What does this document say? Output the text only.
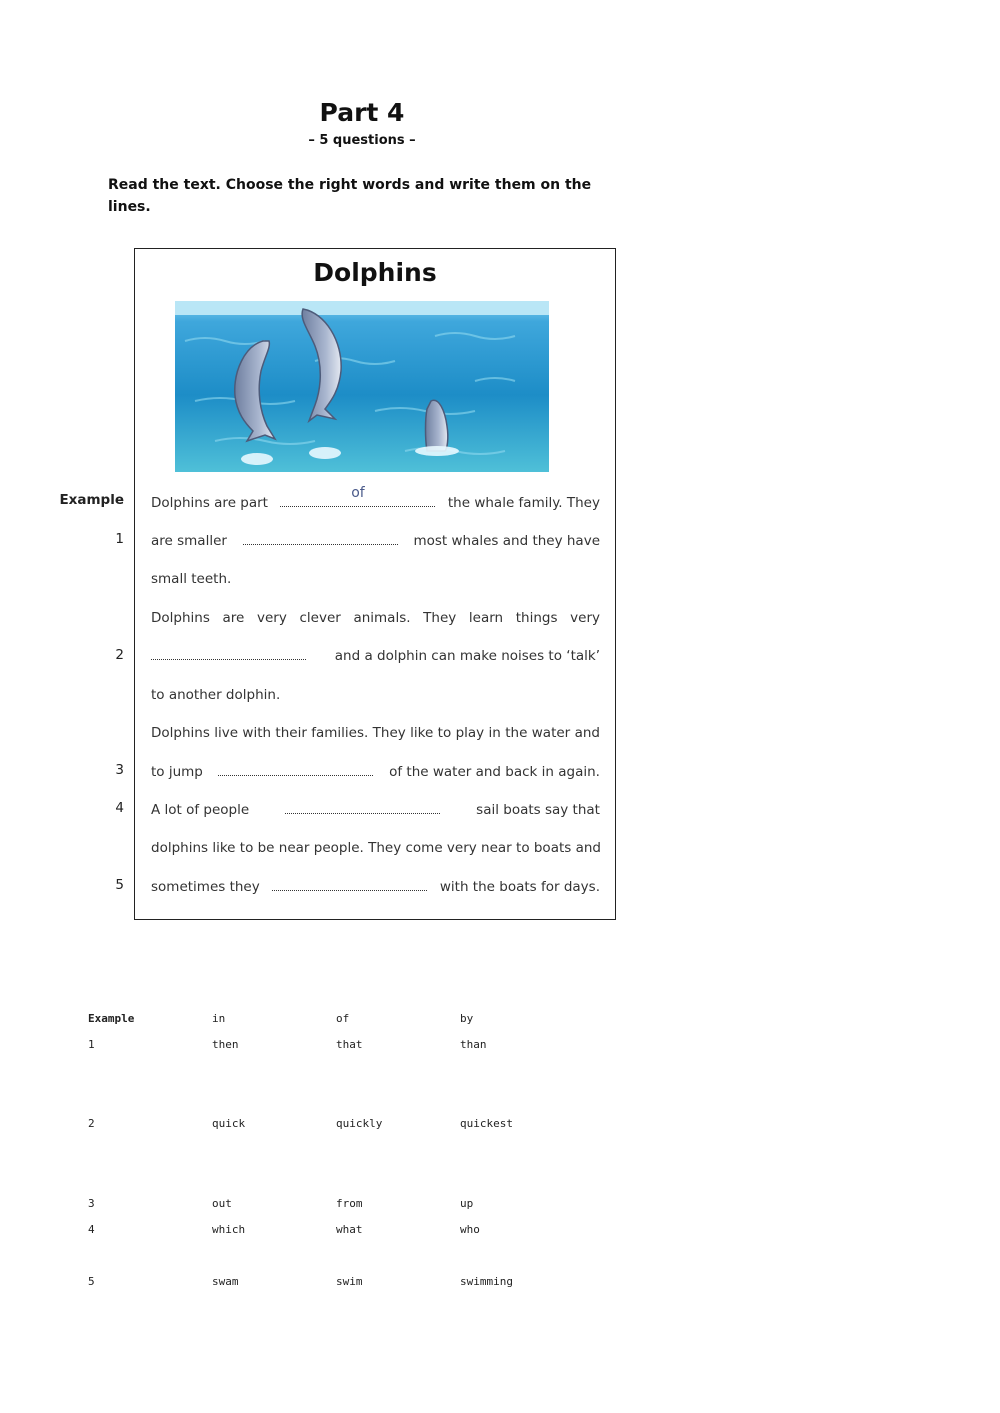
Part 4
– 5 questions –
Read the text. Choose the right words and write them on the lines.
Example
1
2
3
4
5
Dolphins
Dolphins are part
of
the whale family. They
are smaller	most whales and they have
small teeth.
Dolphins are very clever animals. They learn things very
and a dolphin can make noises to ‘talk’
to another dolphin.
Dolphins live with their families. They like to play in the water and
to jump	of the water and back in again.
A lot of people	sail boats say that
dolphins like to be near people. They come very near to boats and
sometimes they	with the boats for days.
Example	in	of	by
1	then	that	than

2	quick	quickly	quickest

3	out	from	up
4	which	what	who

5	swam	swim	swimming
